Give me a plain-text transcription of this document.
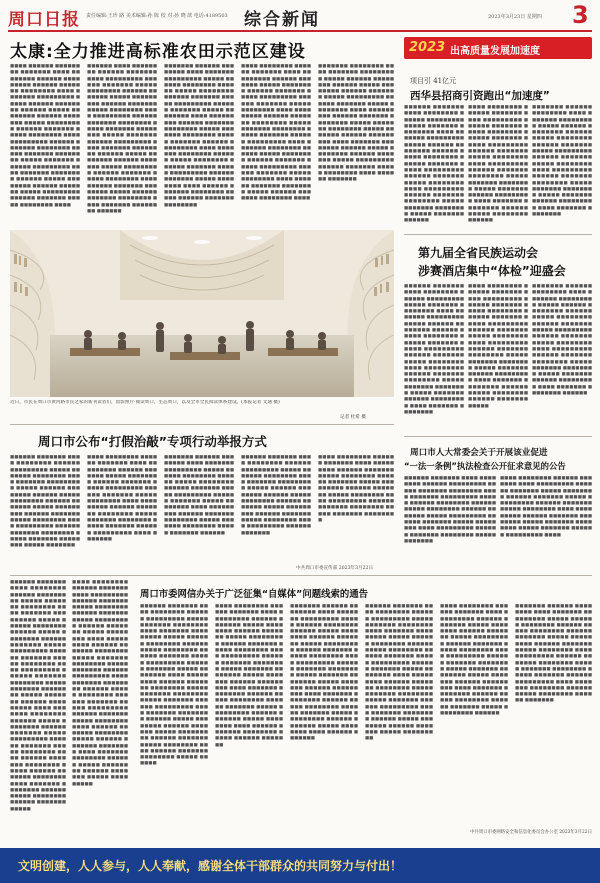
周口日报 责任编辑:王珍 路 美术编辑:孙 陈 校 对:孙 晓 歆 电话:4189503 综合新闻	2023年3月23日 星期四 3
太康:全力推进高标准农田示范区建设
■■■■ ■■■■■■ ■■■■■■■■ ■■■■■■■ ■■■■ ■■■■■■■■ ■■■■■■ ■■■■■■■■■ ■■■■■■ ■■■■■■■ ■■■■■■■■ ■■■■ ■■■■■■■ ■■■■■■■■■ ■■■■■ ■■■■■■ ■■■■■■■■ ■■■■■■ ■■■■■ ■■■■■■■■ ■■■■■■ ■■■■■■■ ■■■■■ ■■■■■■■■■ ■■■■■■ ■■■■■■■ ■■■■■ ■■■■■■■■ ■■■■ ■■■■■■■■■ ■■■■■■ ■■■■■■■ ■■■■■■■■ ■■■■■ ■■■■■■■ ■■■■■■■■ ■■■■■ ■■■■■■■ ■■■■■■ ■■■■■■■■■ ■■■■ ■■■■■■■ ■■■■■■■■ ■■■■■■ ■■■■■ ■■■■■■■■ ■■■■■■ ■■■■■■■ ■■■■■ ■■■■■■■■■ ■■■■■■ ■■■■■■■ ■■■■■ ■■■■■■■■ ■■■■
■■■■■■ ■■■■ ■■■■■■■■ ■■■■■■ ■■■■■■■ ■■■■ ■■■■■■■■■ ■■■■■■ ■■■■■■■ ■■■■■ ■■■■■■■■ ■■■■■■ ■■■■■■■ ■■■■■ ■■■■■■■■■ ■■■■■■ ■■■■■■■ ■■■■■ ■■■■■■■■ ■■■■ ■■■■■■■■■ ■■■■■■ ■■■■■■■ ■■■■■■■■ ■■■■■ ■■■■■■■ ■■■■■■■■ ■■■■■ ■■■■■■■ ■■■■■■ ■■■■■■■■■ ■■■■ ■■■■■■■ ■■■■■■■■ ■■■■■■ ■■■■■ ■■■■■■■■ ■■■■■■ ■■■■■■■ ■■■■■ ■■■■■■■■■ ■■■■■■ ■■■■■■■ ■■■■■ ■■■■■■■■ ■■■■ ■■■■■■ ■■■■■■■ ■■■■■■■■ ■■■■■ ■■■■■■ ■■■■■■■ ■■■■■■■■ ■■■■ ■■■■■■■ ■■■■■■■■ ■■■■■■
■■■■■■■ ■■■■■■ ■■■■■■■■ ■■■■ ■■■■■■■ ■■■■■■■■■ ■■■■■ ■■■■■■ ■■■■■■■■ ■■■■■■ ■■■■■ ■■■■■■■■ ■■■■■■ ■■■■■■■ ■■■■■ ■■■■■■■■■ ■■■■■■ ■■■■■■■ ■■■■■ ■■■■■■■■ ■■■■ ■■■■■■■■■ ■■■■■■ ■■■■■■■ ■■■■■■■■ ■■■■■ ■■■■■■■ ■■■■■■■■ ■■■■■ ■■■■■■■ ■■■■■■ ■■■■■■■■■ ■■■■ ■■■■■■■ ■■■■■■■■ ■■■■■■ ■■■■■ ■■■■■■■■ ■■■■■■ ■■■■■■■ ■■■■■ ■■■■■■■■■ ■■■■■■ ■■■■■■■ ■■■■■ ■■■■■■■■ ■■■■ ■■■■■■ ■■■■■■■ ■■■■■■■■ ■■■■■ ■■■■■■ ■■■■■■■ ■■■■■■■■
■■■■ ■■■■■■■■ ■■■■■■ ■■■■■■■ ■■■■ ■■■■■■■■■ ■■■■■■ ■■■■■■■ ■■■■■ ■■■■■■■■ ■■■■■■ ■■■■■■■ ■■■■■ ■■■■■■■■■ ■■■■■■ ■■■■■■■ ■■■■■ ■■■■■■■■ ■■■■ ■■■■■■■■■ ■■■■■■ ■■■■■■■ ■■■■■■■■ ■■■■■ ■■■■■■■ ■■■■■■■■ ■■■■■ ■■■■■■■ ■■■■■■ ■■■■■■■■■ ■■■■ ■■■■■■■ ■■■■■■■■ ■■■■■■ ■■■■■ ■■■■■■■■ ■■■■■■ ■■■■■■■ ■■■■■ ■■■■■■■■■ ■■■■■■ ■■■■■■■ ■■■■■ ■■■■■■■■ ■■■■ ■■■■■■ ■■■■■■■ ■■■■■■■■ ■■■■■ ■■■■■■ ■■■■■■■ ■■■■■■■■ ■■■■
■■■■■■■ ■■■■■■■■ ■■■■ ■■■■■■■ ■■■■■■■■■ ■■■■■ ■■■■■■ ■■■■■■■■ ■■■■■■ ■■■■■ ■■■■■■■■ ■■■■■■ ■■■■■■■ ■■■■■ ■■■■■■■■■ ■■■■■■ ■■■■■■■ ■■■■■ ■■■■■■■■ ■■■■ ■■■■■■■■■ ■■■■■■ ■■■■■■■ ■■■■■■■■ ■■■■■ ■■■■■■■ ■■■■■■■■ ■■■■■ ■■■■■■■ ■■■■■■ ■■■■■■■■■ ■■■■ ■■■■■■■ ■■■■■■■■ ■■■■■■ ■■■■■ ■■■■■■■■ ■■■■■■ ■■■■■■■ ■■■■■ ■■■■■■■■■ ■■■■■■ ■■■■■■■ ■■■■■ ■■■■■■■■ ■■■■ ■■■■■■ ■■■■■■■
近日，市民在周口市黄河路市民之家的新刊读者们，留影照片·阅读周口，生态周口，以及全市全民阅读体系建设。(本报记者 文通 摄)
记者 杜希 摄
2023 出高质量发展加速度
项目引 41亿元
西华县招商引资跑出“加速度”
■■■■■■ ■■■■■■■ ■■■■ ■■■■■■■■ ■■■■■■ ■■■■■■■■■ ■■■■■ ■■■■■■■ ■■■■■■■■ ■■■■ ■■■■■■■ ■■■■■■■■■ ■■■■■ ■■■■■■ ■■■■■■■■ ■■■■■■ ■■■■■ ■■■■■■■■ ■■■■■■ ■■■■■■■ ■■■■■ ■■■■■■■■■ ■■■■■■ ■■■■■■■ ■■■■■ ■■■■■■■■ ■■■■ ■■■■■■■■■ ■■■■■■ ■■■■■■■ ■■■■■■■■ ■■■■■ ■■■■■■■ ■■■■■■■■ ■■■■■ ■■■■■■■ ■■■■■■
■■■■ ■■■■■■■■ ■■■■■■ ■■■■■■■ ■■■■ ■■■■■■■■■ ■■■■■■ ■■■■■■■ ■■■■■ ■■■■■■■■ ■■■■■■ ■■■■■■■ ■■■■■ ■■■■■■■■■ ■■■■■■ ■■■■■■■ ■■■■■ ■■■■■■■■ ■■■■ ■■■■■■■■■ ■■■■■■ ■■■■■■■ ■■■■■■■■ ■■■■■ ■■■■■■■ ■■■■■■■■ ■■■■■ ■■■■■■■ ■■■■■■ ■■■■■■■■■ ■■■■ ■■■■■■■ ■■■■■■■■ ■■■■■■ ■■■■■ ■■■■■■■■ ■■■■■■
■■■■■■■ ■■■■■■ ■■■■■■■■ ■■■■ ■■■■■■■ ■■■■■■■■■ ■■■■■ ■■■■■■ ■■■■■■■■ ■■■■■■ ■■■■■ ■■■■■■■■ ■■■■■■ ■■■■■■■ ■■■■■ ■■■■■■■■■ ■■■■■■ ■■■■■■■ ■■■■■ ■■■■■■■■ ■■■■ ■■■■■■■■■ ■■■■■■ ■■■■■■■ ■■■■■■■■ ■■■■■ ■■■■■■■ ■■■■■■■■ ■■■■■ ■■■■■■■ ■■■■■■ ■■■■■■■■■ ■■■■ ■■■■■■■ ■■■■■■■■
第九届全省民族运动会
涉赛酒店集中“体检”迎盛会
■■■■■■ ■■■■■■■ ■■■■ ■■■■■■■■ ■■■■■■ ■■■■■■■■■ ■■■■■ ■■■■■■■ ■■■■■■■■ ■■■■ ■■■■■■■ ■■■■■■■■■ ■■■■■ ■■■■■■ ■■■■■■■■ ■■■■■■ ■■■■■ ■■■■■■■■ ■■■■■■ ■■■■■■■ ■■■■■ ■■■■■■■■■ ■■■■■■ ■■■■■■■ ■■■■■ ■■■■■■■■ ■■■■ ■■■■■■■■■ ■■■■■■ ■■■■■■■ ■■■■■■■■ ■■■■■ ■■■■■■■ ■■■■■■■■ ■■■■■ ■■■■■■■ ■■■■■■ ■■■■■■■■■ ■■■■ ■■■■■■■ ■■■■■■■■
■■■■ ■■■■■■■■ ■■■■■■ ■■■■■■■ ■■■■ ■■■■■■■■■ ■■■■■■ ■■■■■■■ ■■■■■ ■■■■■■■■ ■■■■■■ ■■■■■■■ ■■■■■ ■■■■■■■■■ ■■■■■■ ■■■■■■■ ■■■■■ ■■■■■■■■ ■■■■ ■■■■■■■■■ ■■■■■■ ■■■■■■■ ■■■■■■■■ ■■■■■ ■■■■■■■ ■■■■■■■■ ■■■■■ ■■■■■■■ ■■■■■■ ■■■■■■■■■ ■■■■ ■■■■■■■ ■■■■■■■■ ■■■■■■ ■■■■■ ■■■■■■■■ ■■■■■■ ■■■■■■■ ■■■■■
■■■■■■■ ■■■■■■ ■■■■■■■■ ■■■■ ■■■■■■■ ■■■■■■■■■ ■■■■■ ■■■■■■ ■■■■■■■■ ■■■■■■ ■■■■■ ■■■■■■■■ ■■■■■■ ■■■■■■■ ■■■■■ ■■■■■■■■■ ■■■■■■ ■■■■■■■ ■■■■■ ■■■■■■■■ ■■■■ ■■■■■■■■■ ■■■■■■ ■■■■■■■ ■■■■■■■■ ■■■■■ ■■■■■■■ ■■■■■■■■ ■■■■■ ■■■■■■■ ■■■■■■ ■■■■■■■■■ ■■■■ ■■■■■■■ ■■■■■■■■ ■■■■■■
周口市人大常委会关于开展该业促进
“一法一条例”执法检查公开征求意见的公告
■■■■■■ ■■■■■■■ ■■■■ ■■■■■■■■ ■■■■■■ ■■■■■■■■■ ■■■■■ ■■■■■■■ ■■■■■■■■ ■■■■ ■■■■■■■ ■■■■■■■■■ ■■■■■ ■■■■■■ ■■■■■■■■ ■■■■■■ ■■■■■ ■■■■■■■■ ■■■■■■ ■■■■■■■ ■■■■■ ■■■■■■■■■ ■■■■■■ ■■■■■■■ ■■■■■ ■■■■■■■■ ■■■■ ■■■■■■■■■ ■■■■■■ ■■■■■■■ ■■■■■■■■ ■■■■■ ■■■■■■■
■■■■ ■■■■■■■■ ■■■■■■ ■■■■■■■ ■■■■ ■■■■■■■■■ ■■■■■■ ■■■■■■■ ■■■■■ ■■■■■■■■ ■■■■■■ ■■■■■■■ ■■■■■ ■■■■■■■■■ ■■■■■■ ■■■■■■■ ■■■■■ ■■■■■■■■ ■■■■ ■■■■■■■■■ ■■■■■■ ■■■■■■■ ■■■■■■■■ ■■■■■ ■■■■■■■ ■■■■■■■■ ■■■■■ ■■■■■■■ ■■■■■■ ■■■■■■■■■ ■■■■
周口市公布“打假治敲”专项行动举报方式
■■■■■■ ■■■■■■■ ■■■■ ■■■■■■■■ ■■■■■■ ■■■■■■■■■ ■■■■■ ■■■■■■■ ■■■■■■■■ ■■■■ ■■■■■■■ ■■■■■■■■■ ■■■■■ ■■■■■■ ■■■■■■■■ ■■■■■■ ■■■■■ ■■■■■■■■ ■■■■■■ ■■■■■■■ ■■■■■ ■■■■■■■■■ ■■■■■■ ■■■■■■■ ■■■■■ ■■■■■■■■ ■■■■ ■■■■■■■■■ ■■■■■■ ■■■■■■■ ■■■■■■■■ ■■■■■ ■■■■■■■ ■■■■■■■■ ■■■■■ ■■■■■■■
■■■■ ■■■■■■■■ ■■■■■■ ■■■■■■■ ■■■■ ■■■■■■■■■ ■■■■■■ ■■■■■■■ ■■■■■ ■■■■■■■■ ■■■■■■ ■■■■■■■ ■■■■■ ■■■■■■■■■ ■■■■■■ ■■■■■■■ ■■■■■ ■■■■■■■■ ■■■■ ■■■■■■■■■ ■■■■■■ ■■■■■■■ ■■■■■■■■ ■■■■■ ■■■■■■■ ■■■■■■■■ ■■■■■ ■■■■■■■ ■■■■■■ ■■■■■■■■■ ■■■■ ■■■■■■■
■■■■■■■ ■■■■■■ ■■■■■■■■ ■■■■ ■■■■■■■ ■■■■■■■■■ ■■■■■ ■■■■■■ ■■■■■■■■ ■■■■■■ ■■■■■ ■■■■■■■■ ■■■■■■ ■■■■■■■ ■■■■■ ■■■■■■■■■ ■■■■■■ ■■■■■■■ ■■■■■ ■■■■■■■■ ■■■■ ■■■■■■■■■ ■■■■■■ ■■■■■■■ ■■■■■■■■ ■■■■■ ■■■■■■■ ■■■■■■■■ ■■■■■ ■■■■■■■ ■■■■■■
■■■■■■ ■■■■■■■ ■■■■ ■■■■■■■■ ■■■■■■ ■■■■■■■■■ ■■■■■ ■■■■■■■ ■■■■■■■■ ■■■■ ■■■■■■■ ■■■■■■■■■ ■■■■■ ■■■■■■ ■■■■■■■■ ■■■■■■ ■■■■■ ■■■■■■■■ ■■■■■■ ■■■■■■■ ■■■■■ ■■■■■■■■■ ■■■■■■ ■■■■■■■ ■■■■■ ■■■■■■■■ ■■■■ ■■■■■■■■■ ■■■■■■ ■■■■■■■
■■■■ ■■■■■■■■ ■■■■■■ ■■■■■■■ ■■■■ ■■■■■■■■■ ■■■■■■ ■■■■■■■ ■■■■■ ■■■■■■■■ ■■■■■■ ■■■■■■■ ■■■■■ ■■■■■■■■■ ■■■■■■ ■■■■■■■ ■■■■■ ■■■■■■■■ ■■■■ ■■■■■■■■■ ■■■■■■ ■■■■■■■ ■■■■■■■■ ■■■■■ ■■■■■■■ ■■■■■■■■
中共周口市委宣传部 2023年3月22日
■■■■■■ ■■■■■■■ ■■■■ ■■■■■■■■ ■■■■■■ ■■■■■■■■■ ■■■■■ ■■■■■■■ ■■■■■■■■ ■■■■ ■■■■■■■ ■■■■■■■■■ ■■■■■ ■■■■■■ ■■■■■■■■ ■■■■■■ ■■■■■ ■■■■■■■■ ■■■■■■ ■■■■■■■ ■■■■■ ■■■■■■■■■ ■■■■■■ ■■■■■■■ ■■■■■ ■■■■■■■■ ■■■■ ■■■■■■■■■ ■■■■■■ ■■■■■■■ ■■■■■■■■ ■■■■■ ■■■■■■■ ■■■■■■■■ ■■■■■ ■■■■■■■ ■■■■■■ ■■■■■■■■■ ■■■■ ■■■■■■■ ■■■■■■■■ ■■■■■■ ■■■■■ ■■■■■■■■ ■■■■■■ ■■■■■■■ ■■■■■ ■■■■■■■■■ ■■■■■■ ■■■■■■■ ■■■■■ ■■■■■■■■ ■■■■ ■■■■■■ ■■■■■■■ ■■■■■■■■ ■■■■■ ■■■■■■ ■■■■■■■ ■■■■■■■■ ■■■■ ■■■■■■■ ■■■■■■■■ ■■■■■■ ■■■■■ ■■■■■■■■ ■■■■■■ ■■■■■■■ ■■■■■
■■■■ ■■■■■■■■ ■■■■■■ ■■■■■■■ ■■■■ ■■■■■■■■■ ■■■■■■ ■■■■■■■ ■■■■■ ■■■■■■■■ ■■■■■■ ■■■■■■■ ■■■■■ ■■■■■■■■■ ■■■■■■ ■■■■■■■ ■■■■■ ■■■■■■■■ ■■■■ ■■■■■■■■■ ■■■■■■ ■■■■■■■ ■■■■■■■■ ■■■■■ ■■■■■■■ ■■■■■■■■ ■■■■■ ■■■■■■■ ■■■■■■ ■■■■■■■■■ ■■■■ ■■■■■■■ ■■■■■■■■ ■■■■■■ ■■■■■ ■■■■■■■■ ■■■■■■ ■■■■■■■ ■■■■■ ■■■■■■■■■ ■■■■■■ ■■■■■■■ ■■■■■ ■■■■■■■■ ■■■■ ■■■■■■ ■■■■■■■ ■■■■■■■■ ■■■■■ ■■■■■■ ■■■■■■■ ■■■■■■■■ ■■■■ ■■■■■■■ ■■■■■■■■ ■■■■■■ ■■■■■ ■■■■■■■■ ■■■■■■ ■■■■■■■ ■■■■■ ■■■■■■■■■
周口市委网信办关于广泛征集“自媒体”问题线索的通告
■■■■■■ ■■■■■■■ ■■■■ ■■■■■■■■ ■■■■■■ ■■■■■■■■■ ■■■■■ ■■■■■■■ ■■■■■■■■ ■■■■ ■■■■■■■ ■■■■■■■■■ ■■■■■ ■■■■■■ ■■■■■■■■ ■■■■■■ ■■■■■ ■■■■■■■■ ■■■■■■ ■■■■■■■ ■■■■■ ■■■■■■■■■ ■■■■■■ ■■■■■■■ ■■■■■ ■■■■■■■■ ■■■■ ■■■■■■■■■ ■■■■■■ ■■■■■■■ ■■■■■■■■ ■■■■■ ■■■■■■■ ■■■■■■■■ ■■■■■ ■■■■■■■ ■■■■■■ ■■■■■■■■■ ■■■■ ■■■■■■■ ■■■■■■■■ ■■■■■■ ■■■■■ ■■■■■■■■ ■■■■■■ ■■■■■■■ ■■■■■ ■■■■■■■■■ ■■■■■■ ■■■■■■■ ■■■■■ ■■■■■■■■ ■■■■ ■■■■■■ ■■■■■■■ ■■■■■■■■ ■■■■■ ■■■■■■
■■■■ ■■■■■■■■ ■■■■■■ ■■■■■■■ ■■■■ ■■■■■■■■■ ■■■■■■ ■■■■■■■ ■■■■■ ■■■■■■■■ ■■■■■■ ■■■■■■■ ■■■■■ ■■■■■■■■■ ■■■■■■ ■■■■■■■ ■■■■■ ■■■■■■■■ ■■■■ ■■■■■■■■■ ■■■■■■ ■■■■■■■ ■■■■■■■■ ■■■■■ ■■■■■■■ ■■■■■■■■ ■■■■■ ■■■■■■■ ■■■■■■ ■■■■■■■■■ ■■■■ ■■■■■■■ ■■■■■■■■ ■■■■■■ ■■■■■ ■■■■■■■■ ■■■■■■ ■■■■■■■ ■■■■■ ■■■■■■■■■ ■■■■■■ ■■■■■■■ ■■■■■ ■■■■■■■■ ■■■■ ■■■■■■ ■■■■■■■ ■■■■■■■■ ■■■■■ ■■■■■■ ■■■■■■■
■■■■■■■ ■■■■■■ ■■■■■■■■ ■■■■ ■■■■■■■ ■■■■■■■■■ ■■■■■ ■■■■■■ ■■■■■■■■ ■■■■■■ ■■■■■ ■■■■■■■■ ■■■■■■ ■■■■■■■ ■■■■■ ■■■■■■■■■ ■■■■■■ ■■■■■■■ ■■■■■ ■■■■■■■■ ■■■■ ■■■■■■■■■ ■■■■■■ ■■■■■■■ ■■■■■■■■ ■■■■■ ■■■■■■■ ■■■■■■■■ ■■■■■ ■■■■■■■ ■■■■■■ ■■■■■■■■■ ■■■■ ■■■■■■■ ■■■■■■■■ ■■■■■■ ■■■■■ ■■■■■■■■ ■■■■■■ ■■■■■■■ ■■■■■ ■■■■■■■■■ ■■■■■■ ■■■■■■■ ■■■■■ ■■■■■■■■ ■■■■ ■■■■■■ ■■■■■■■
■■■■■■ ■■■■■■■ ■■■■ ■■■■■■■■ ■■■■■■ ■■■■■■■■■ ■■■■■ ■■■■■■■ ■■■■■■■■ ■■■■ ■■■■■■■ ■■■■■■■■■ ■■■■■ ■■■■■■ ■■■■■■■■ ■■■■■■ ■■■■■ ■■■■■■■■ ■■■■■■ ■■■■■■■ ■■■■■ ■■■■■■■■■ ■■■■■■ ■■■■■■■ ■■■■■ ■■■■■■■■ ■■■■ ■■■■■■■■■ ■■■■■■ ■■■■■■■ ■■■■■■■■ ■■■■■ ■■■■■■■ ■■■■■■■■ ■■■■■ ■■■■■■■ ■■■■■■ ■■■■■■■■■ ■■■■ ■■■■■■■ ■■■■■■■■ ■■■■■■ ■■■■■ ■■■■■■■■ ■■■■■■ ■■■■■■■ ■■■■■ ■■■■■■■■■
■■■■ ■■■■■■■■ ■■■■■■ ■■■■■■■ ■■■■ ■■■■■■■■■ ■■■■■■ ■■■■■■■ ■■■■■ ■■■■■■■■ ■■■■■■ ■■■■■■■ ■■■■■ ■■■■■■■■■ ■■■■■■ ■■■■■■■ ■■■■■ ■■■■■■■■ ■■■■ ■■■■■■■■■ ■■■■■■ ■■■■■■■ ■■■■■■■■ ■■■■■ ■■■■■■■ ■■■■■■■■ ■■■■■ ■■■■■■■ ■■■■■■ ■■■■■■■■■ ■■■■ ■■■■■■■ ■■■■■■■■ ■■■■■■ ■■■■■ ■■■■■■■■ ■■■■■■ ■■■■■■■ ■■■■■ ■■■■■■■■■ ■■■■■■
■■■■■■■ ■■■■■■ ■■■■■■■■ ■■■■ ■■■■■■■ ■■■■■■■■■ ■■■■■ ■■■■■■ ■■■■■■■■ ■■■■■■ ■■■■■ ■■■■■■■■ ■■■■■■ ■■■■■■■ ■■■■■ ■■■■■■■■■ ■■■■■■ ■■■■■■■ ■■■■■ ■■■■■■■■ ■■■■ ■■■■■■■■■ ■■■■■■ ■■■■■■■ ■■■■■■■■ ■■■■■ ■■■■■■■ ■■■■■■■■ ■■■■■ ■■■■■■■ ■■■■■■ ■■■■■■■■■ ■■■■ ■■■■■■■ ■■■■■■■■ ■■■■■■ ■■■■■ ■■■■■■■■ ■■■■■■ ■■■■■■■
中共周口市委网络安全和信息化委员会办公室 2023年3月22日
文明创建，人人参与，人人奉献，感谢全体干部群众的共同努力与付出！
